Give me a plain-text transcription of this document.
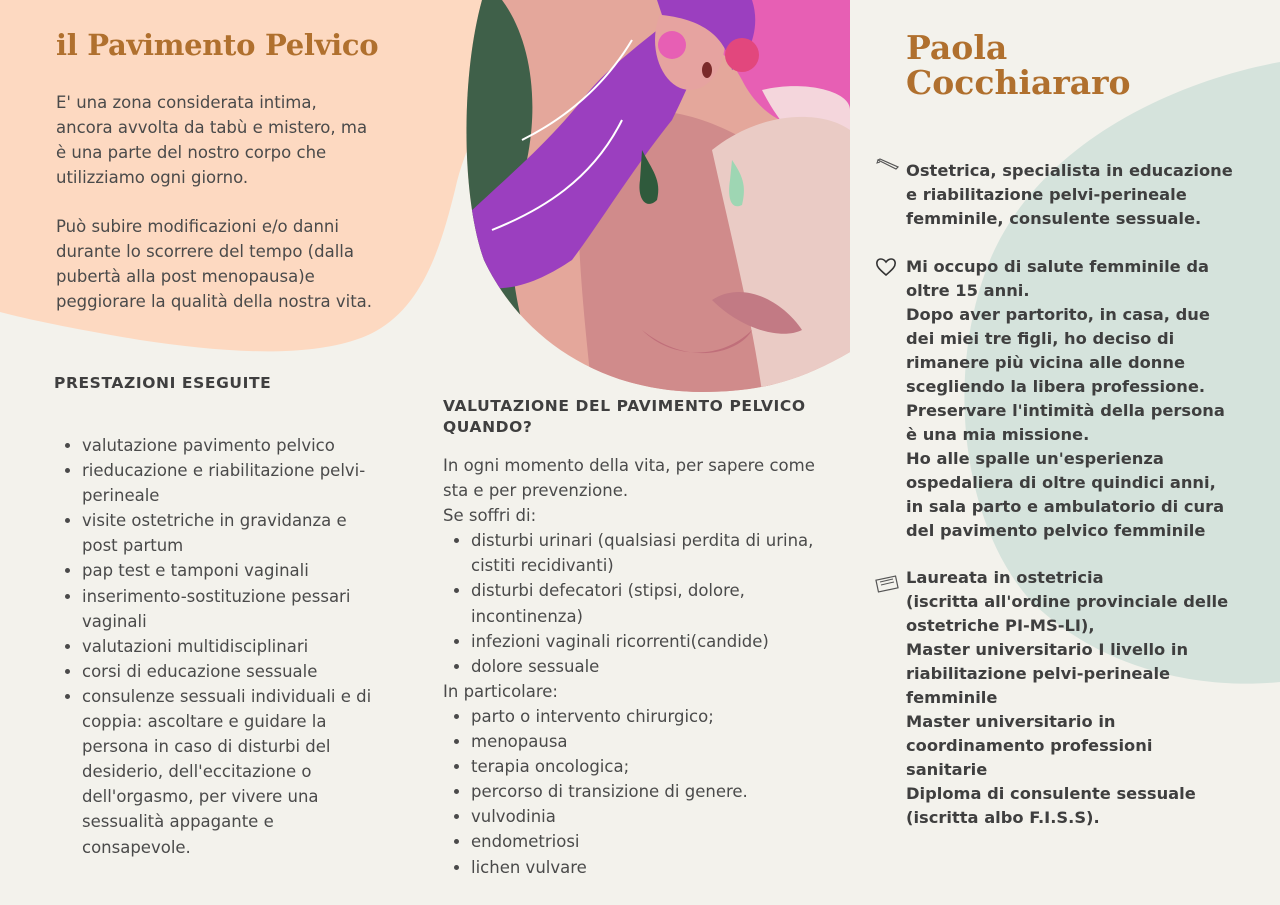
il Pavimento Pelvico

E' una zona considerata intima, ancora avvolta da tabù e mistero, ma è una parte del nostro corpo che utilizziamo ogni giorno.

Può subire modificazioni e/o danni durante lo scorrere del tempo (dalla pubertà alla post menopausa)e peggiorare la qualità della nostra vita.

PRESTAZIONI ESEGUITE
• valutazione pavimento pelvico
• rieducazione e riabilitazione pelvi-perineale
• visite ostetriche in gravidanza e post partum
• pap test e tamponi vaginali
• inserimento-sostituzione pessari vaginali
• valutazioni multidisciplinari
• corsi di educazione sessuale
• consulenze sessuali individuali e di coppia: ascoltare e guidare la persona in caso di disturbi del desiderio, dell'eccitazione o dell'orgasmo, per vivere una sessualità appagante e consapevole.
VALUTAZIONE DEL PAVIMENTO PELVICO QUANDO?

In ogni momento della vita, per sapere come sta e per prevenzione.

Se soffri di:

• disturbi urinari (qualsiasi perdita di urina, cistiti recidivanti)
• disturbi defecatori (stipsi, dolore, incontinenza)
• infezioni vaginali ricorrenti(candide)
• dolore sessuale

In particolare:

• parto o intervento chirurgico;
• menopausa
• terapia oncologica;
• percorso di transizione di genere.
• vulvodinia
• endometriosi
• lichen vulvare
Paola
Cocchiararo
Ostetrica, specialista in educazione e riabilitazione pelvi-perineale femminile, consulente sessuale.
Mi occupo di salute femminile da oltre 15 anni.
Dopo aver partorito, in casa, due dei miei tre figli, ho deciso di rimanere più vicina alle donne scegliendo la libera professione.
Preservare l'intimità della persona è una mia missione.
Ho alle spalle un'esperienza ospedaliera di oltre quindici anni, in sala parto e ambulatorio di cura del pavimento pelvico femminile
Laureata in ostetricia
(iscritta all'ordine provinciale delle ostetriche PI-MS-LI),
Master universitario I livello in riabilitazione pelvi-perineale femminile
Master universitario in coordinamento professioni sanitarie
Diploma di consulente sessuale (iscritta albo F.I.S.S).
